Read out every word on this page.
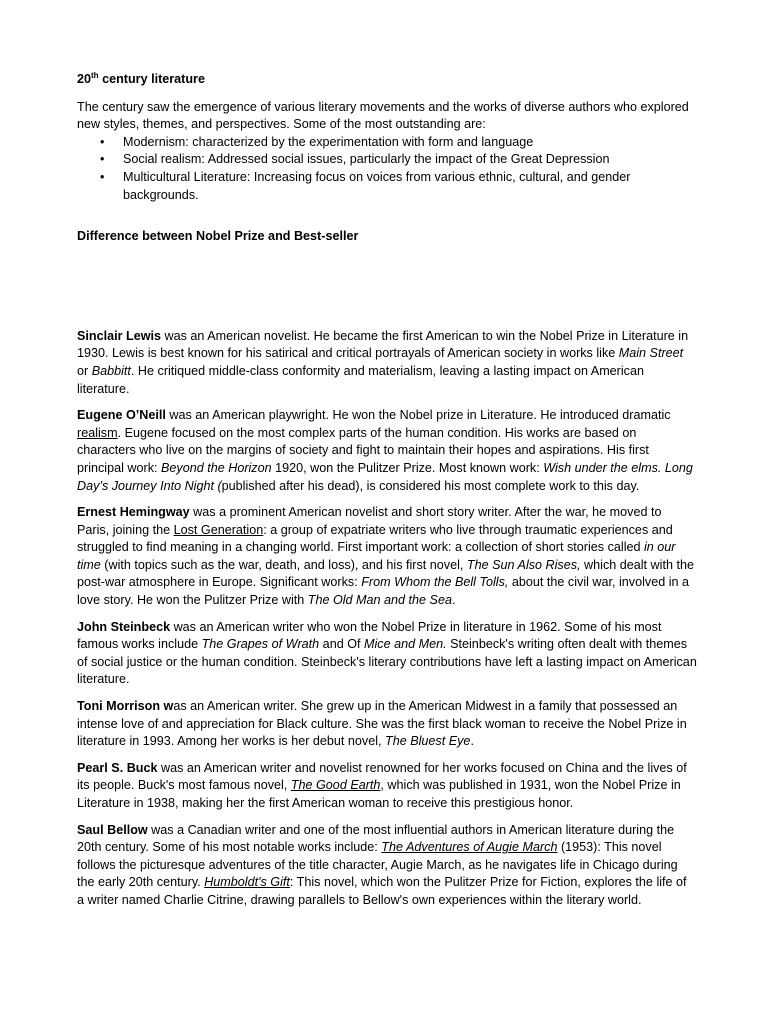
20th century literature

The century saw the emergence of various literary movements and the works of diverse authors who explored new styles, themes, and perspectives. Some of the most outstanding are:

• Modernism: characterized by the experimentation with form and language
• Social realism: Addressed social issues, particularly the impact of the Great Depression
• Multicultural Literature: Increasing focus on voices from various ethnic, cultural, and gender backgrounds.

Difference between Nobel Prize and Best-seller

Sinclair Lewis was an American novelist. He became the first American to win the Nobel Prize in Literature in 1930. Lewis is best known for his satirical and critical portrayals of American society in works like Main Street or Babbitt. He critiqued middle-class conformity and materialism, leaving a lasting impact on American literature.

Eugene O’Neill was an American playwright. He won the Nobel prize in Literature. He introduced dramatic realism. Eugene focused on the most complex parts of the human condition. His works are based on characters who live on the margins of society and fight to maintain their hopes and aspirations. His first principal work: Beyond the Horizon 1920, won the Pulitzer Prize. Most known work: Wish under the elms. Long Day’s Journey Into Night (published after his dead), is considered his most complete work to this day.

Ernest Hemingway was a prominent American novelist and short story writer. After the war, he moved to Paris, joining the Lost Generation: a group of expatriate writers who live through traumatic experiences and struggled to find meaning in a changing world. First important work: a collection of short stories called in our time (with topics such as the war, death, and loss), and his first novel, The Sun Also Rises, which dealt with the post-war atmosphere in Europe. Significant works: From Whom the Bell Tolls, about the civil war, involved in a love story. He won the Pulitzer Prize with The Old Man and the Sea.

John Steinbeck was an American writer who won the Nobel Prize in literature in 1962. Some of his most famous works include The Grapes of Wrath and Of Mice and Men. Steinbeck's writing often dealt with themes of social justice or the human condition. Steinbeck's literary contributions have left a lasting impact on American literature.

Toni Morrison was an American writer. She grew up in the American Midwest in a family that possessed an intense love of and appreciation for Black culture. She was the first black woman to receive the Nobel Prize in literature in 1993. Among her works is her debut novel, The Bluest Eye.

Pearl S. Buck was an American writer and novelist renowned for her works focused on China and the lives of its people. Buck's most famous novel, The Good Earth, which was published in 1931, won the Nobel Prize in Literature in 1938, making her the first American woman to receive this prestigious honor.

Saul Bellow was a Canadian writer and one of the most influential authors in American literature during the 20th century. Some of his most notable works include: The Adventures of Augie March (1953): This novel follows the picturesque adventures of the title character, Augie March, as he navigates life in Chicago during the early 20th century. Humboldt's Gift: This novel, which won the Pulitzer Prize for Fiction, explores the life of a writer named Charlie Citrine, drawing parallels to Bellow's own experiences within the literary world.
